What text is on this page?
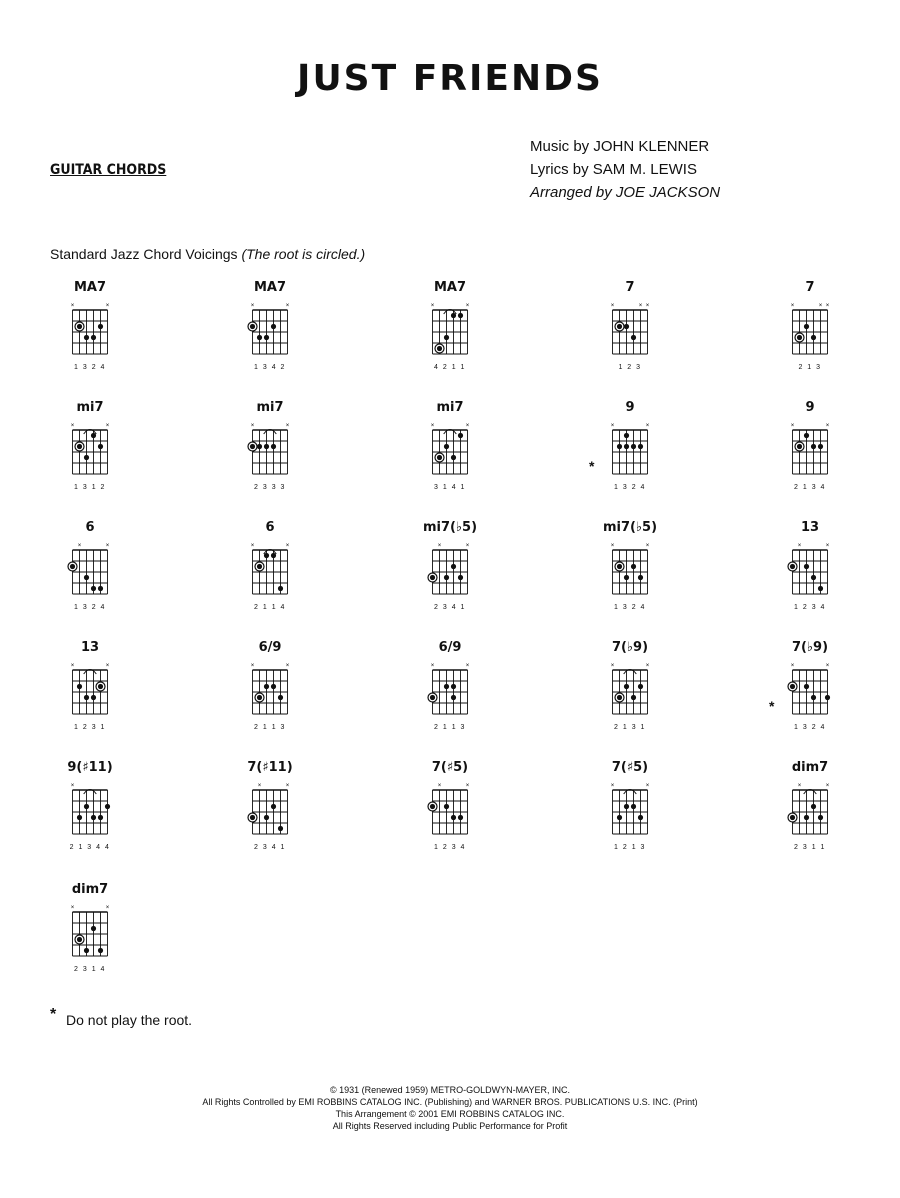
JUST FRIENDS
GUITAR CHORDS
Music by JOHN KLENNER
Lyrics by SAM M. LEWIS
Arranged by JOE JACKSON
Standard Jazz Chord Voicings (The root is circled.)
MA7
×	×
1 3 2 4
MA7
×	×
1 3 4 2
MA7
×	×
4 2 1 1
7
×	× ×
1 2 3
7
×	× ×
2 1 3
mi7
×	×
1 3 1 2
mi7
×	×
2 3 3 3
mi7
×	×
3 1 4 1
9
×	×
*
1 3 2 4
9
×	×
2 1 3 4
6
×	×
1 3 2 4
6
×	×
2 1 1 4
mi7(♭5)
×	×
2 3 4 1
mi7(♭5)
×	×
1 3 2 4
13
×	×
1 2 3 4
13
×	×
1 2 3 1
6/9
×	×
2 1 1 3
6/9
×	×
2 1 1 3
7(♭9)
×	×
2 1 3 1
7(♭9)
×	×
*
1 3 2 4
9(♯11)
×
2 1 3 4 4
7(♯11)
×	×
2 3 4 1
7(♯5)
×	×
1 2 3 4
7(♯5)
×	×
1 2 1 3
dim7
×	×
2 3 1 1
dim7
×	×
2 3 1 4
* Do not play the root.
© 1931 (Renewed 1959) METRO-GOLDWYN-MAYER, INC.
All Rights Controlled by EMI ROBBINS CATALOG INC. (Publishing) and WARNER BROS. PUBLICATIONS U.S. INC. (Print)
This Arrangement © 2001 EMI ROBBINS CATALOG INC.
All Rights Reserved including Public Performance for Profit
